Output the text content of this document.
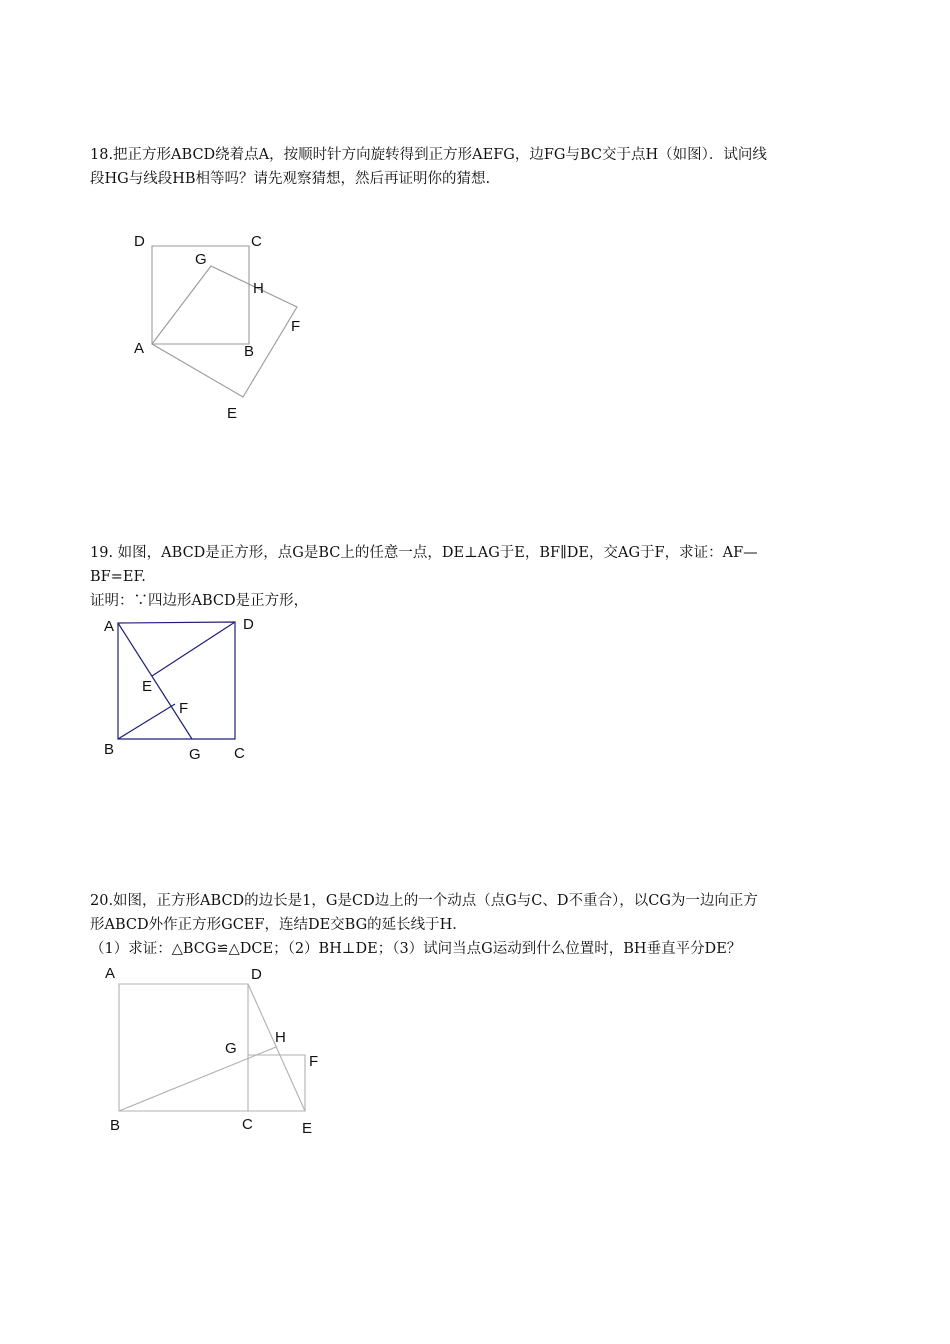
18.把正方形ABCD绕着点A，按顺时针方向旋转得到正方形AEFG，边FG与BC交于点H（如图）．试问线
段HG与线段HB相等吗？请先观察猜想，然后再证明你的猜想.
19. 如图，ABCD是正方形，点G是BC上的任意一点，DE⊥AG于E，BF∥DE，交AG于F，求证：AF—
BF=EF.
证明：∵四边形ABCD是正方形，
20.如图，正方形ABCD的边长是1，G是CD边上的一个动点（点G与C、D不重合），以CG为一边向正方
形ABCD外作正方形GCEF，连结DE交BG的延长线于H.
（1）求证：△BCG≌△DCE；（2）BH⊥DE；（3）试问当点G运动到什么位置时，BH垂直平分DE？
D	C
G
H
F
A	B
E
A	D
E
F
B	G C
A	D
H
G
F
B	C	E
